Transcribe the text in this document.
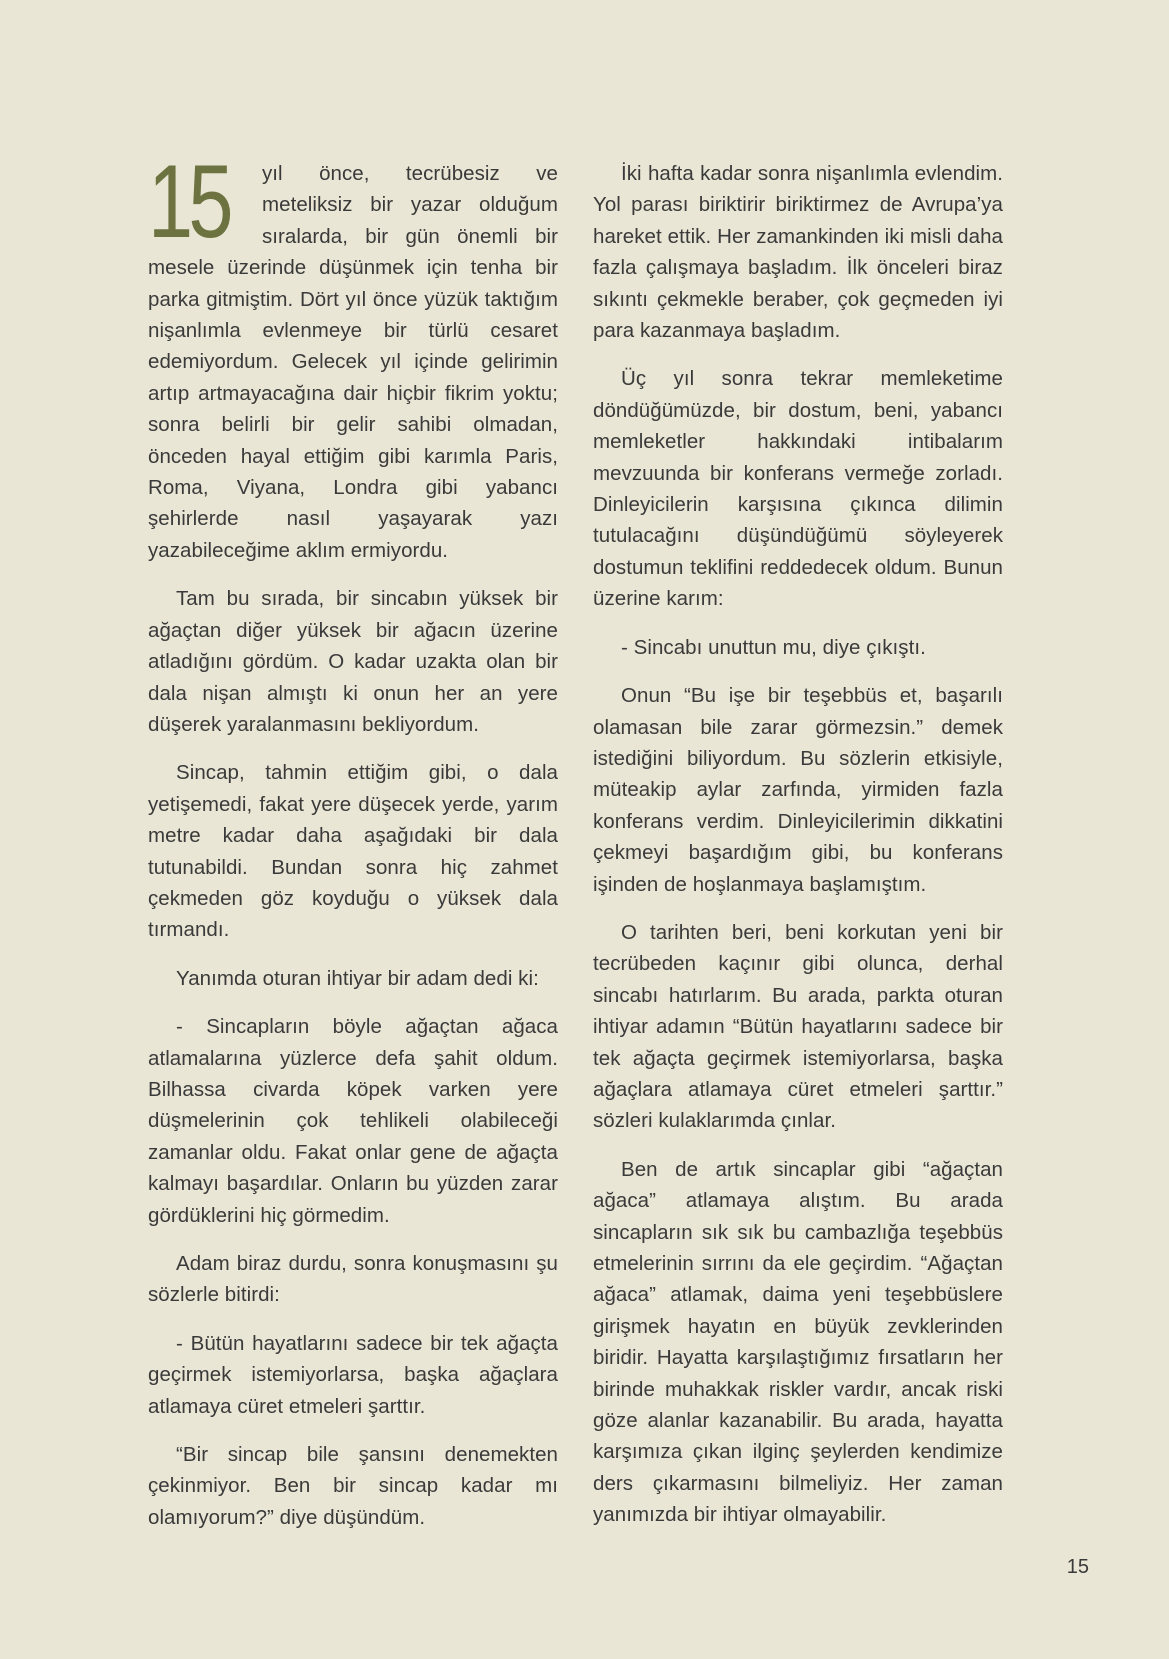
15 yıl önce, tecrübesiz ve meteliksiz bir yazar olduğum sıralarda, bir gün önemli bir mesele üzerinde düşünmek için tenha bir parka gitmiştim. Dört yıl önce yüzük taktığım nişanlımla evlenmeye bir türlü cesaret edemiyordum. Gelecek yıl içinde gelirimin artıp artmayacağına dair hiçbir fikrim yoktu; sonra belirli bir gelir sahibi olmadan, önceden hayal ettiğim gibi karımla Paris, Roma, Viyana, Londra gibi yabancı şehirlerde nasıl yaşayarak yazı yazabileceğime aklım ermiyordu.

Tam bu sırada, bir sincabın yüksek bir ağaçtan diğer yüksek bir ağacın üzerine atladığını gördüm. O kadar uzakta olan bir dala nişan almıştı ki onun her an yere düşerek yaralanmasını bekliyordum.

Sincap, tahmin ettiğim gibi, o dala yetişemedi, fakat yere düşecek yerde, yarım metre kadar daha aşağıdaki bir dala tutunabildi. Bundan sonra hiç zahmet çekmeden göz koyduğu o yüksek dala tırmandı.

Yanımda oturan ihtiyar bir adam dedi ki:

- Sincapların böyle ağaçtan ağaca atlamalarına yüzlerce defa şahit oldum. Bilhassa civarda köpek varken yere düşmelerinin çok tehlikeli olabileceği zamanlar oldu. Fakat onlar gene de ağaçta kalmayı başardılar. Onların bu yüzden zarar gördüklerini hiç görmedim.

Adam biraz durdu, sonra konuşmasını şu sözlerle bitirdi:

- Bütün hayatlarını sadece bir tek ağaçta geçirmek istemiyorlarsa, başka ağaçlara atlamaya cüret etmeleri şarttır.

“Bir sincap bile şansını denemekten çekinmiyor. Ben bir sincap kadar mı olamıyorum?” diye düşündüm.

İki hafta kadar sonra nişanlımla evlendim. Yol parası biriktirir biriktirmez de Avrupa’ya hareket ettik. Her zamankinden iki misli daha fazla çalışmaya başladım. İlk önceleri biraz sıkıntı çekmekle beraber, çok geçmeden iyi para kazanmaya başladım.

Üç yıl sonra tekrar memleketime döndüğümüzde, bir dostum, beni, yabancı memleketler hakkındaki intibalarım mevzuunda bir konferans vermeğe zorladı. Dinleyicilerin karşısına çıkınca dilimin tutulacağını düşündüğümü söyleyerek dostumun teklifini reddedecek oldum. Bunun üzerine karım:

- Sincabı unuttun mu, diye çıkıştı.

Onun “Bu işe bir teşebbüs et, başarılı olamasan bile zarar görmezsin.” demek istediğini biliyordum. Bu sözlerin etkisiyle, müteakip aylar zarfında, yirmiden fazla konferans verdim. Dinleyicilerimin dikkatini çekmeyi başardığım gibi, bu konferans işinden de hoşlanmaya başlamıştım.

O tarihten beri, beni korkutan yeni bir tecrübeden kaçınır gibi olunca, derhal sincabı hatırlarım. Bu arada, parkta oturan ihtiyar adamın “Bütün hayatlarını sadece bir tek ağaçta geçirmek istemiyorlarsa, başka ağaçlara atlamaya cüret etmeleri şarttır.” sözleri kulaklarımda çınlar.

Ben de artık sincaplar gibi “ağaçtan ağaca” atlamaya alıştım. Bu arada sincapların sık sık bu cambazlığa teşebbüs etmelerinin sırrını da ele geçirdim. “Ağaçtan ağaca” atlamak, daima yeni teşebbüslere girişmek hayatın en büyük zevklerinden biridir. Hayatta karşılaştığımız fırsatların her birinde muhakkak riskler vardır, ancak riski göze alanlar kazanabilir. Bu arada, hayatta karşımıza çıkan ilginç şeylerden kendimize ders çıkarmasını bilmeliyiz. Her zaman yanımızda bir ihtiyar olmayabilir.

15
